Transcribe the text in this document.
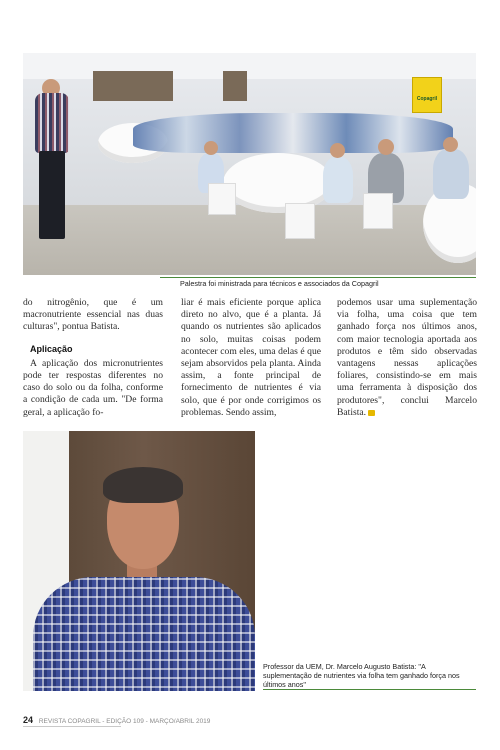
Copagril
Palestra foi ministrada para técnicos e associados da Copagril

do nitrogênio, que é um macronutriente essencial nas duas culturas", pontua Batista.

Aplicação

A aplicação dos micronutrientes pode ter respostas diferentes no caso do solo ou da folha, conforme a condição de cada um. "De forma geral, a aplicação fo-

liar é mais eficiente porque aplica direto no alvo, que é a planta. Já quando os nutrientes são aplicados no solo, muitas coisas podem acontecer com eles, uma delas é que sejam absorvidos pela planta. Ainda assim, a fonte principal de fornecimento de nutrientes é via solo, que é por onde corrigimos os problemas. Sendo assim,

podemos usar uma suplementação via folha, uma coisa que tem ganhado força nos últimos anos, com maior tecnologia aportada aos produtos e têm sido observadas vantagens nessas aplicações foliares, consistindo-se em mais uma ferramenta à disposição dos produtores", conclui Marcelo Batista.

Professor da UEM, Dr. Marcelo Augusto Batista: "A suplementação de nutrientes via folha tem ganhado força nos últimos anos"
24 REVISTA COPAGRIL - EDIÇÃO 109 - MARÇO/ABRIL 2019
